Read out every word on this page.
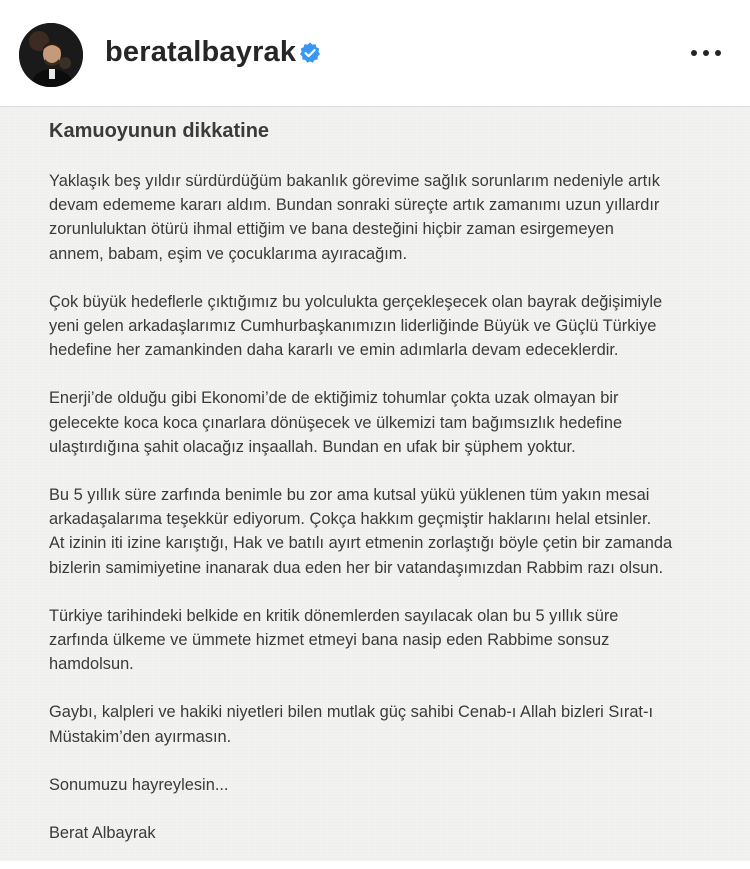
beratalbayrak
Kamuoyunun dikkatine

Yaklaşık beş yıldır sürdürdüğüm bakanlık görevime sağlık sorunlarım nedeniyle artık
devam edememe kararı aldım. Bundan sonraki süreçte artık zamanımı uzun yıllardır
zorunluluktan ötürü ihmal ettiğim ve bana desteğini hiçbir zaman esirgemeyen
annem, babam, eşim ve çocuklarıma ayıracağım.

Çok büyük hedeflerle çıktığımız bu yolculukta gerçekleşecek olan bayrak değişimiyle
yeni gelen arkadaşlarımız Cumhurbaşkanımızın liderliğinde Büyük ve Güçlü Türkiye
hedefine her zamankinden daha kararlı ve emin adımlarla devam edeceklerdir.

Enerji’de olduğu gibi Ekonomi’de de ektiğimiz tohumlar çokta uzak olmayan bir
gelecekte koca koca çınarlara dönüşecek ve ülkemizi tam bağımsızlık hedefine
ulaştırdığına şahit olacağız inşaallah. Bundan en ufak bir şüphem yoktur.

Bu 5 yıllık süre zarfında benimle bu zor ama kutsal yükü yüklenen tüm yakın mesai
arkadaşalarıma teşekkür ediyorum. Çokça hakkım geçmiştir haklarını helal etsinler.
At izinin iti izine karıştığı, Hak ve batılı ayırt etmenin zorlaştığı böyle çetin bir zamanda
bizlerin samimiyetine inanarak dua eden her bir vatandaşımızdan Rabbim razı olsun.

Türkiye tarihindeki belkide en kritik dönemlerden sayılacak olan bu 5 yıllık süre
zarfında ülkeme ve ümmete hizmet etmeyi bana nasip eden Rabbime sonsuz
hamdolsun.

Gaybı, kalpleri ve hakiki niyetleri bilen mutlak güç sahibi Cenab-ı Allah bizleri Sırat-ı
Müstakim’den ayırmasın.

Sonumuzu hayreylesin...

Berat Albayrak
